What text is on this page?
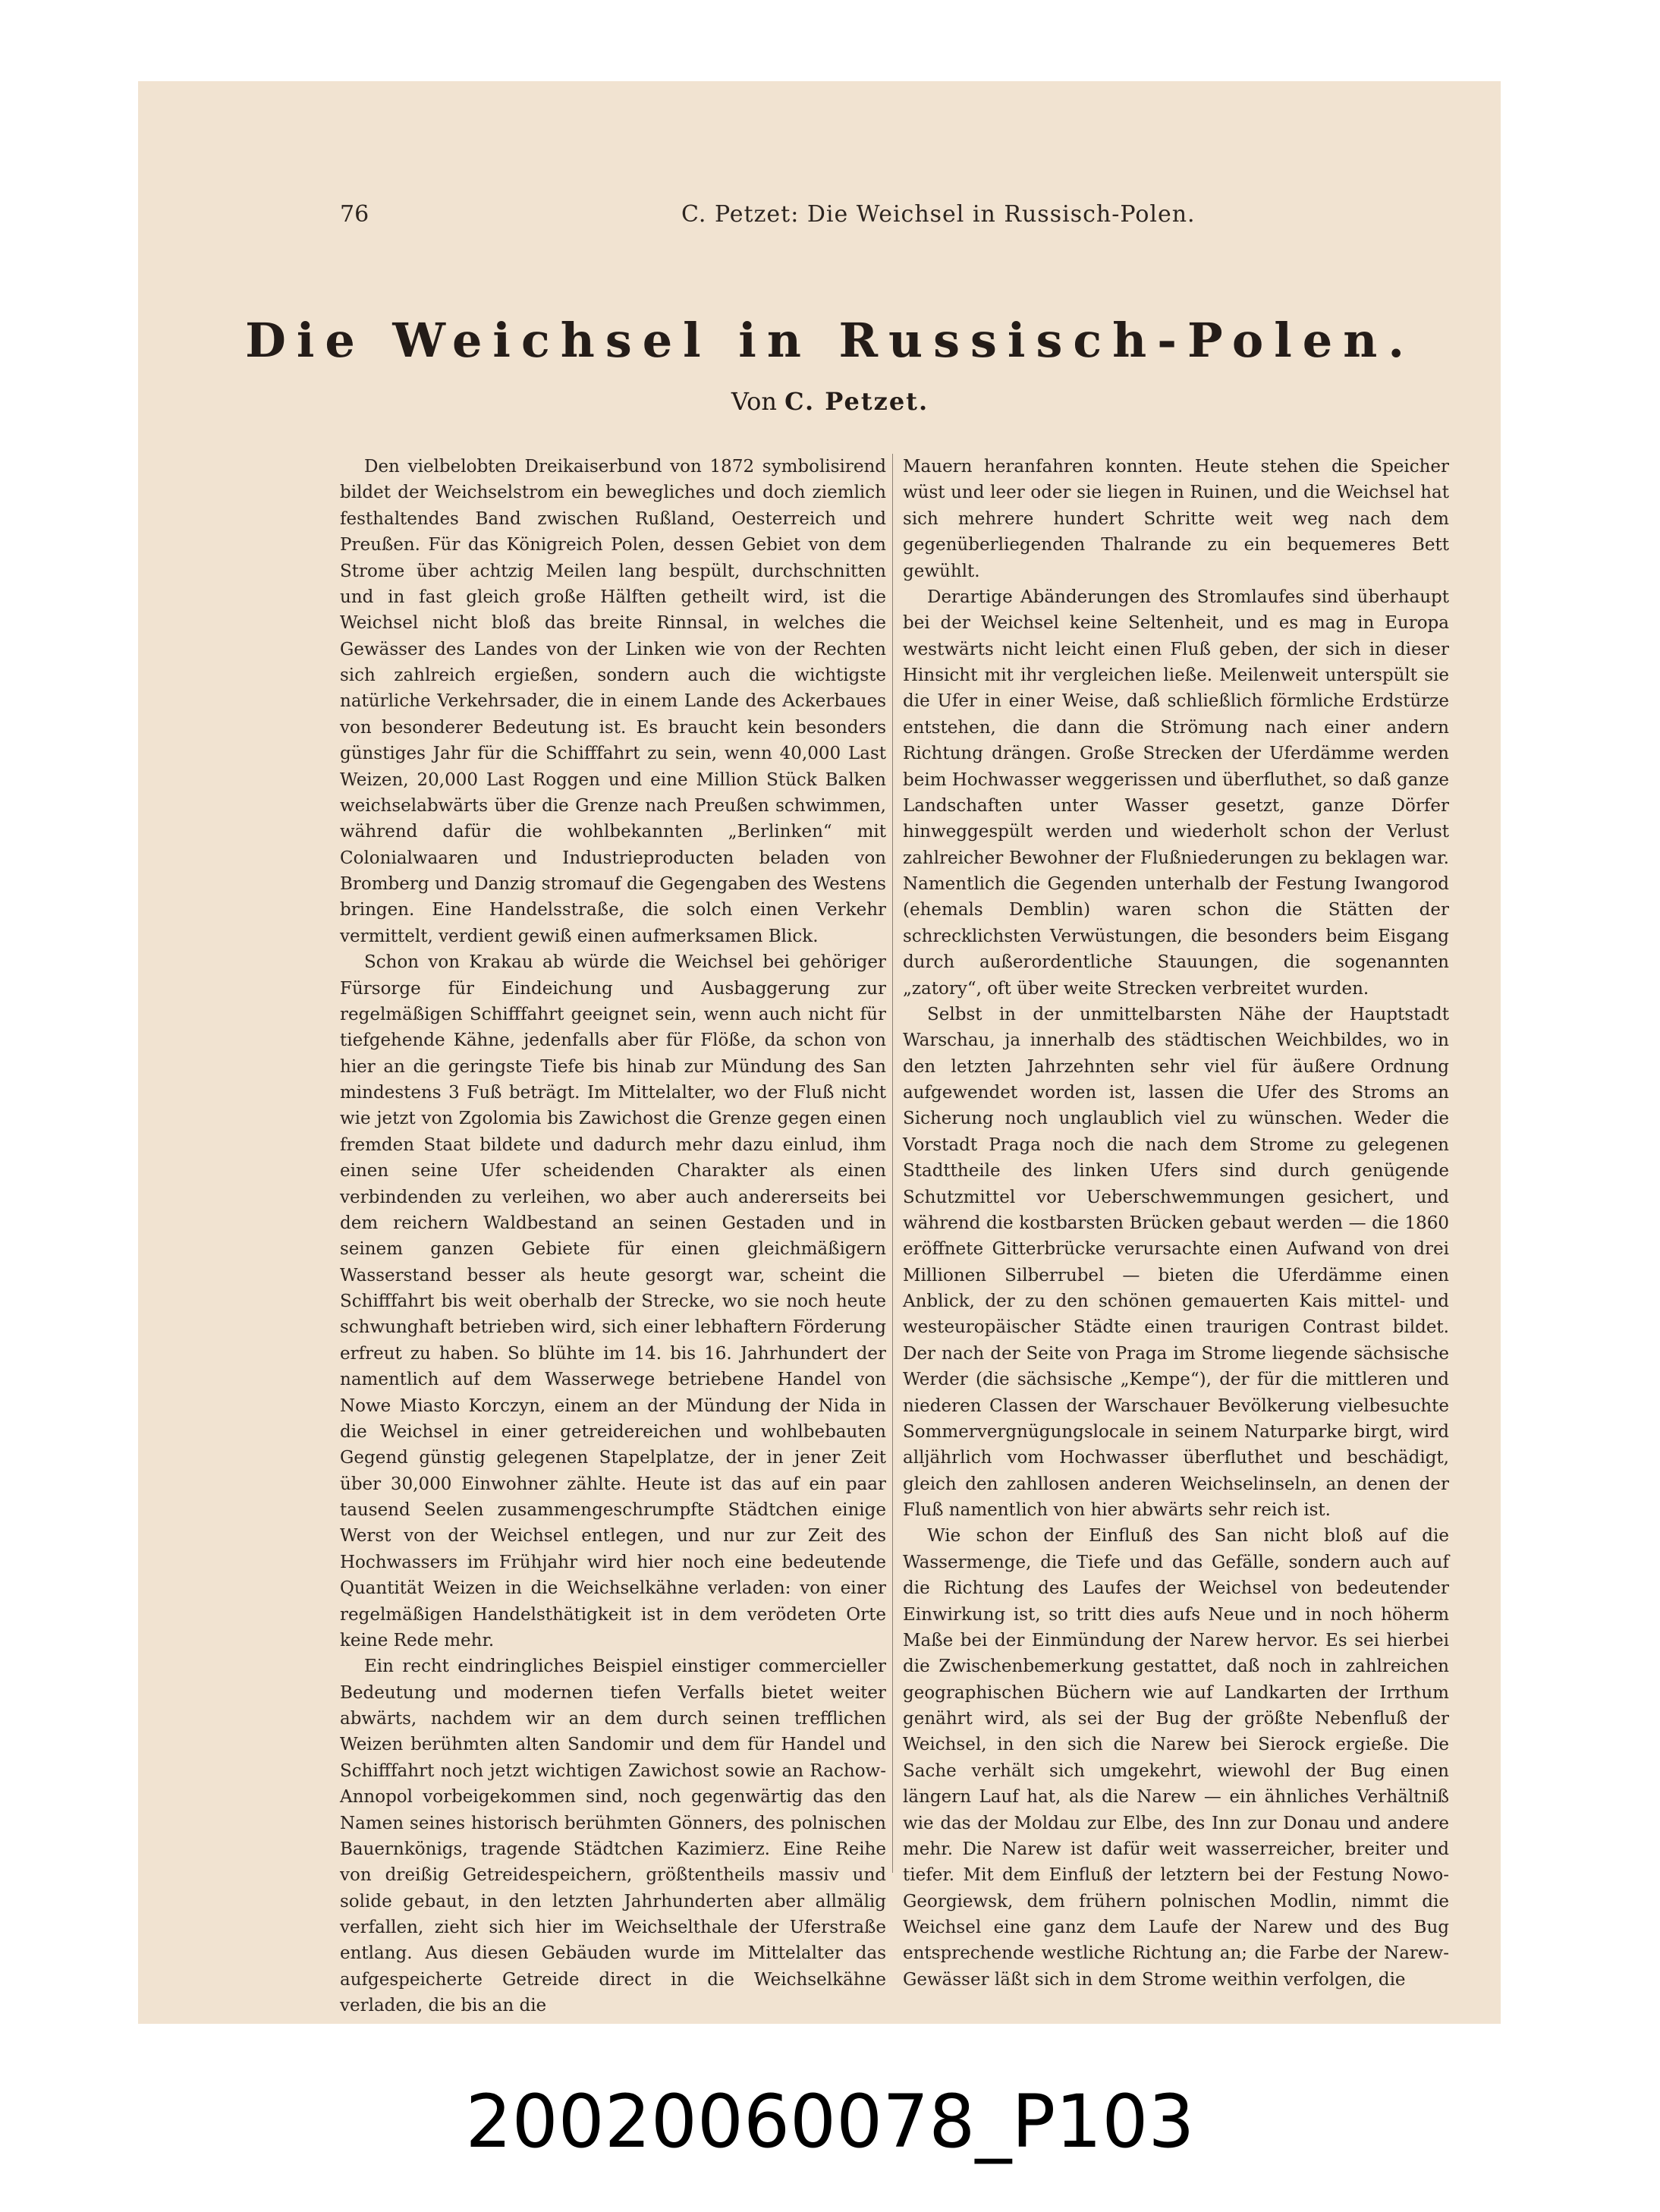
76	C. Petzet: Die Weichsel in Russisch-Polen.
Die Weichsel in Russisch-Polen.
Von C. Petzet.

Den vielbelobten Dreikaiserbund von 1872 symbolisirend bildet der Weichselstrom ein bewegliches und doch ziemlich festhaltendes Band zwischen Rußland, Oesterreich und Preußen. Für das Königreich Polen, dessen Gebiet von dem Strome über achtzig Meilen lang bespült, durchschnitten und in fast gleich große Hälften getheilt wird, ist die Weichsel nicht bloß das breite Rinnsal, in welches die Gewässer des Landes von der Linken wie von der Rechten sich zahlreich ergießen, sondern auch die wichtigste natürliche Verkehrsader, die in einem Lande des Ackerbaues von besonderer Bedeutung ist. Es braucht kein besonders günstiges Jahr für die Schifffahrt zu sein, wenn 40,000 Last Weizen, 20,000 Last Roggen und eine Million Stück Balken weichselabwärts über die Grenze nach Preußen schwimmen, während dafür die wohlbekannten „Berlinken“ mit Colonialwaaren und Industrieproducten beladen von Bromberg und Danzig stromauf die Gegengaben des Westens bringen. Eine Handelsstraße, die solch einen Verkehr vermittelt, verdient gewiß einen aufmerksamen Blick.

Schon von Krakau ab würde die Weichsel bei gehöriger Fürsorge für Eindeichung und Ausbaggerung zur regelmäßigen Schifffahrt geeignet sein, wenn auch nicht für tiefgehende Kähne, jedenfalls aber für Flöße, da schon von hier an die geringste Tiefe bis hinab zur Mündung des San mindestens 3 Fuß beträgt. Im Mittelalter, wo der Fluß nicht wie jetzt von Zgolomia bis Zawichost die Grenze gegen einen fremden Staat bildete und dadurch mehr dazu einlud, ihm einen seine Ufer scheidenden Charakter als einen verbindenden zu verleihen, wo aber auch andererseits bei dem reichern Waldbestand an seinen Gestaden und in seinem ganzen Gebiete für einen gleichmäßigern Wasserstand besser als heute gesorgt war, scheint die Schifffahrt bis weit oberhalb der Strecke, wo sie noch heute schwunghaft betrieben wird, sich einer lebhaftern Förderung erfreut zu haben. So blühte im 14. bis 16. Jahrhundert der namentlich auf dem Wasserwege betriebene Handel von Nowe Miasto Korczyn, einem an der Mündung der Nida in die Weichsel in einer getreidereichen und wohlbebauten Gegend günstig gelegenen Stapelplatze, der in jener Zeit über 30,000 Einwohner zählte. Heute ist das auf ein paar tausend Seelen zusammengeschrumpfte Städtchen einige Werst von der Weichsel entlegen, und nur zur Zeit des Hochwassers im Frühjahr wird hier noch eine bedeutende Quantität Weizen in die Weichselkähne verladen: von einer regelmäßigen Handelsthätigkeit ist in dem verödeten Orte keine Rede mehr.

Ein recht eindringliches Beispiel einstiger commercieller Bedeutung und modernen tiefen Verfalls bietet weiter abwärts, nachdem wir an dem durch seinen trefflichen Weizen berühmten alten Sandomir und dem für Handel und Schifffahrt noch jetzt wichtigen Zawichost sowie an Rachow-Annopol vorbeigekommen sind, noch gegenwärtig das den Namen seines historisch berühmten Gönners, des polnischen Bauernkönigs, tragende Städtchen Kazimierz. Eine Reihe von dreißig Getreidespeichern, größtentheils massiv und solide gebaut, in den letzten Jahrhunderten aber allmälig verfallen, zieht sich hier im Weichselthale der Uferstraße entlang. Aus diesen Gebäuden wurde im Mittelalter das aufgespeicherte Getreide direct in die Weichselkähne verladen, die bis an die

Mauern heranfahren konnten. Heute stehen die Speicher wüst und leer oder sie liegen in Ruinen, und die Weichsel hat sich mehrere hundert Schritte weit weg nach dem gegenüberliegenden Thalrande zu ein bequemeres Bett gewühlt.

Derartige Abänderungen des Stromlaufes sind überhaupt bei der Weichsel keine Seltenheit, und es mag in Europa westwärts nicht leicht einen Fluß geben, der sich in dieser Hinsicht mit ihr vergleichen ließe. Meilenweit unterspült sie die Ufer in einer Weise, daß schließlich förmliche Erdstürze entstehen, die dann die Strömung nach einer andern Richtung drängen. Große Strecken der Uferdämme werden beim Hochwasser weggerissen und überfluthet, so daß ganze Landschaften unter Wasser gesetzt, ganze Dörfer hinweggespült werden und wiederholt schon der Verlust zahlreicher Bewohner der Flußniederungen zu beklagen war. Namentlich die Gegenden unterhalb der Festung Iwangorod (ehemals Demblin) waren schon die Stätten der schrecklichsten Verwüstungen, die besonders beim Eisgang durch außerordentliche Stauungen, die sogenannten „zatory“, oft über weite Strecken verbreitet wurden.

Selbst in der unmittelbarsten Nähe der Hauptstadt Warschau, ja innerhalb des städtischen Weichbildes, wo in den letzten Jahrzehnten sehr viel für äußere Ordnung aufgewendet worden ist, lassen die Ufer des Stroms an Sicherung noch unglaublich viel zu wünschen. Weder die Vorstadt Praga noch die nach dem Strome zu gelegenen Stadttheile des linken Ufers sind durch genügende Schutzmittel vor Ueberschwemmungen gesichert, und während die kostbarsten Brücken gebaut werden — die 1860 eröffnete Gitterbrücke verursachte einen Aufwand von drei Millionen Silberrubel — bieten die Uferdämme einen Anblick, der zu den schönen gemauerten Kais mittel- und westeuropäischer Städte einen traurigen Contrast bildet. Der nach der Seite von Praga im Strome liegende sächsische Werder (die sächsische „Kempe“), der für die mittleren und niederen Classen der Warschauer Bevölkerung vielbesuchte Sommervergnügungslocale in seinem Naturparke birgt, wird alljährlich vom Hochwasser überfluthet und beschädigt, gleich den zahllosen anderen Weichselinseln, an denen der Fluß namentlich von hier abwärts sehr reich ist.

Wie schon der Einfluß des San nicht bloß auf die Wassermenge, die Tiefe und das Gefälle, sondern auch auf die Richtung des Laufes der Weichsel von bedeutender Einwirkung ist, so tritt dies aufs Neue und in noch höherm Maße bei der Einmündung der Narew hervor. Es sei hierbei die Zwischenbemerkung gestattet, daß noch in zahlreichen geographischen Büchern wie auf Landkarten der Irrthum genährt wird, als sei der Bug der größte Nebenfluß der Weichsel, in den sich die Narew bei Sierock ergieße. Die Sache verhält sich umgekehrt, wiewohl der Bug einen längern Lauf hat, als die Narew — ein ähnliches Verhältniß wie das der Moldau zur Elbe, des Inn zur Donau und andere mehr. Die Narew ist dafür weit wasserreicher, breiter und tiefer. Mit dem Einfluß der letztern bei der Festung Nowo-Georgiewsk, dem frühern polnischen Modlin, nimmt die Weichsel eine ganz dem Laufe der Narew und des Bug entsprechende westliche Richtung an; die Farbe der Narew-Gewässer läßt sich in dem Strome weithin verfolgen, die

20020060078_P103
